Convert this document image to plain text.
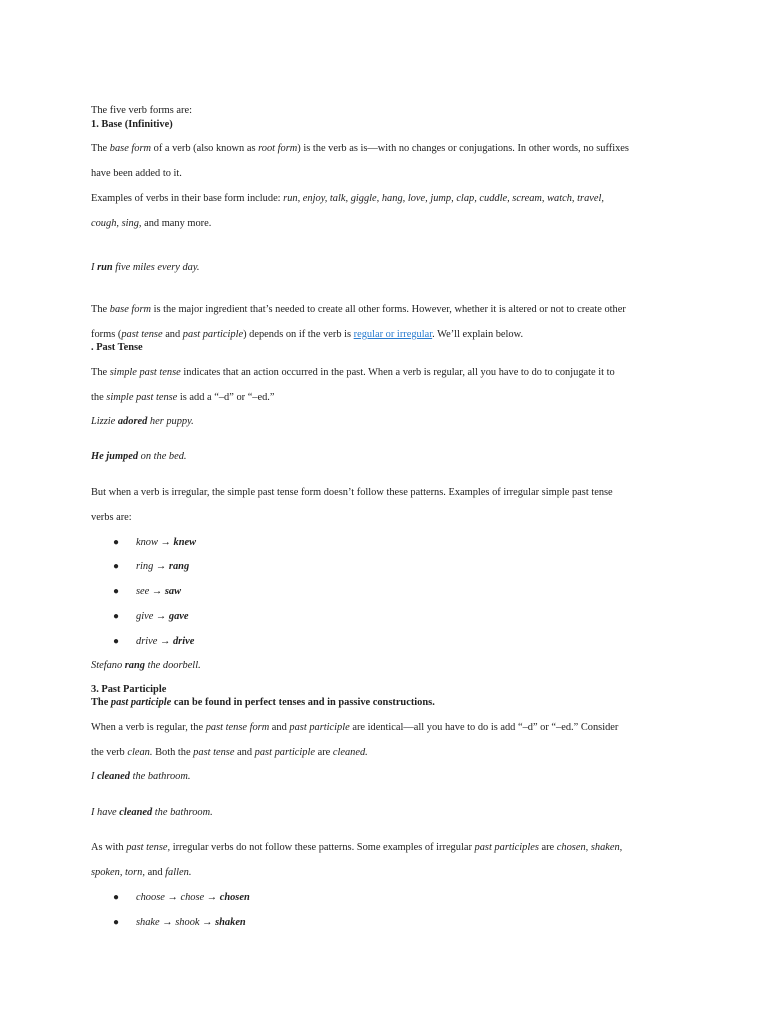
The five verb forms are:
1. Base (Infinitive)
The base form of a verb (also known as root form) is the verb as is—with no changes or conjugations. In other words, no suffixes
have been added to it.
Examples of verbs in their base form include: run, enjoy, talk, giggle, hang, love, jump, clap, cuddle, scream, watch, travel,
cough, sing, and many more.
I run five miles every day.
The base form is the major ingredient that’s needed to create all other forms. However, whether it is altered or not to create other
forms (past tense and past participle) depends on if the verb is regular or irregular. We’ll explain below.
. Past Tense
The simple past tense indicates that an action occurred in the past. When a verb is regular, all you have to do to conjugate it to
the simple past tense is add a “–d” or “–ed.”
Lizzie adored her puppy.
He jumped on the bed.
But when a verb is irregular, the simple past tense form doesn’t follow these patterns. Examples of irregular simple past tense
verbs are:
● know → knew
● ring → rang
● see → saw
● give → gave
● drive → drive
Stefano rang the doorbell.
3. Past Participle
The past participle can be found in perfect tenses and in passive constructions.
When a verb is regular, the past tense form and past participle are identical—all you have to do is add “–d” or “–ed.” Consider
the verb clean. Both the past tense and past participle are cleaned.
I cleaned the bathroom.
I have cleaned the bathroom.
As with past tense, irregular verbs do not follow these patterns. Some examples of irregular past participles are chosen, shaken,
spoken, torn, and fallen.
● choose → chose → chosen
● shake → shook → shaken
